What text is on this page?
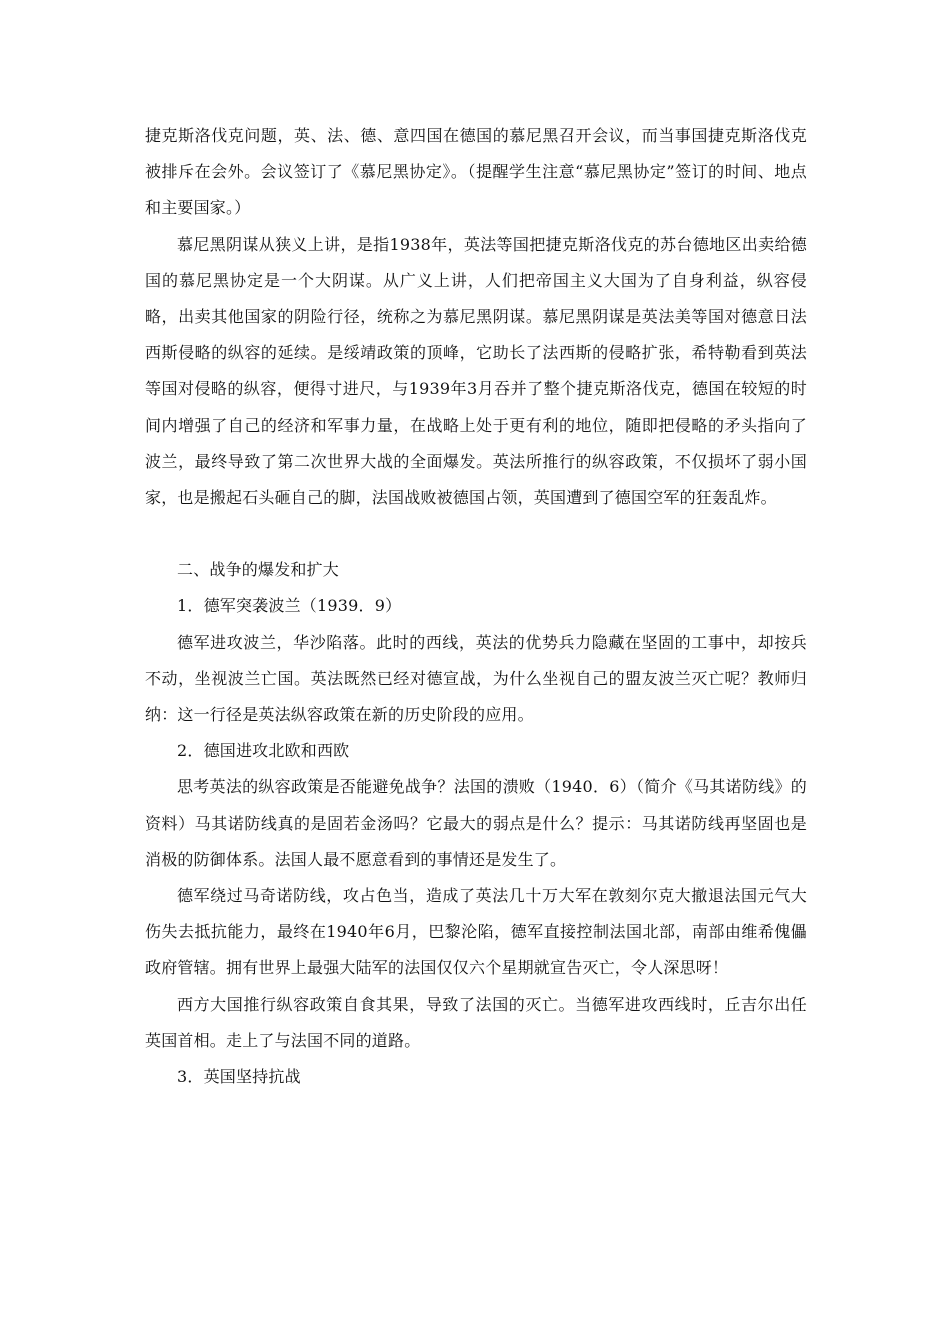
捷克斯洛伐克问题，英、法、德、意四国在德国的慕尼黑召开会议，而当事国捷克斯洛伐克被排斥在会外。会议签订了《慕尼黑协定》。（提醒学生注意“慕尼黑协定”签订的时间、地点和主要国家。）

慕尼黑阴谋从狭义上讲，是指1938年，英法等国把捷克斯洛伐克的苏台德地区出卖给德国的慕尼黑协定是一个大阴谋。从广义上讲，人们把帝国主义大国为了自身利益，纵容侵略，出卖其他国家的阴险行径，统称之为慕尼黑阴谋。慕尼黑阴谋是英法美等国对德意日法西斯侵略的纵容的延续。是绥靖政策的顶峰，它助长了法西斯的侵略扩张，希特勒看到英法等国对侵略的纵容，便得寸进尺，与1939年3月吞并了整个捷克斯洛伐克，德国在较短的时间内增强了自己的经济和军事力量，在战略上处于更有利的地位，随即把侵略的矛头指向了波兰，最终导致了第二次世界大战的全面爆发。英法所推行的纵容政策，不仅损坏了弱小国家，也是搬起石头砸自己的脚，法国战败被德国占领，英国遭到了德国空军的狂轰乱炸。

二、战争的爆发和扩大

1．德军突袭波兰（1939．9）

德军进攻波兰，华沙陷落。此时的西线，英法的优势兵力隐藏在坚固的工事中，却按兵不动，坐视波兰亡国。英法既然已经对德宣战，为什么坐视自己的盟友波兰灭亡呢？教师归纳：这一行径是英法纵容政策在新的历史阶段的应用。

2．德国进攻北欧和西欧

思考英法的纵容政策是否能避免战争？法国的溃败（1940．6）（简介《马其诺防线》的资料）马其诺防线真的是固若金汤吗？它最大的弱点是什么？提示：马其诺防线再坚固也是消极的防御体系。法国人最不愿意看到的事情还是发生了。

德军绕过马奇诺防线，攻占色当，造成了英法几十万大军在敦刻尔克大撤退法国元气大伤失去抵抗能力，最终在1940年6月，巴黎沦陷，德军直接控制法国北部，南部由维希傀儡政府管辖。拥有世界上最强大陆军的法国仅仅六个星期就宣告灭亡，令人深思呀！

西方大国推行纵容政策自食其果，导致了法国的灭亡。当德军进攻西线时，丘吉尔出任英国首相。走上了与法国不同的道路。

3．英国坚持抗战
